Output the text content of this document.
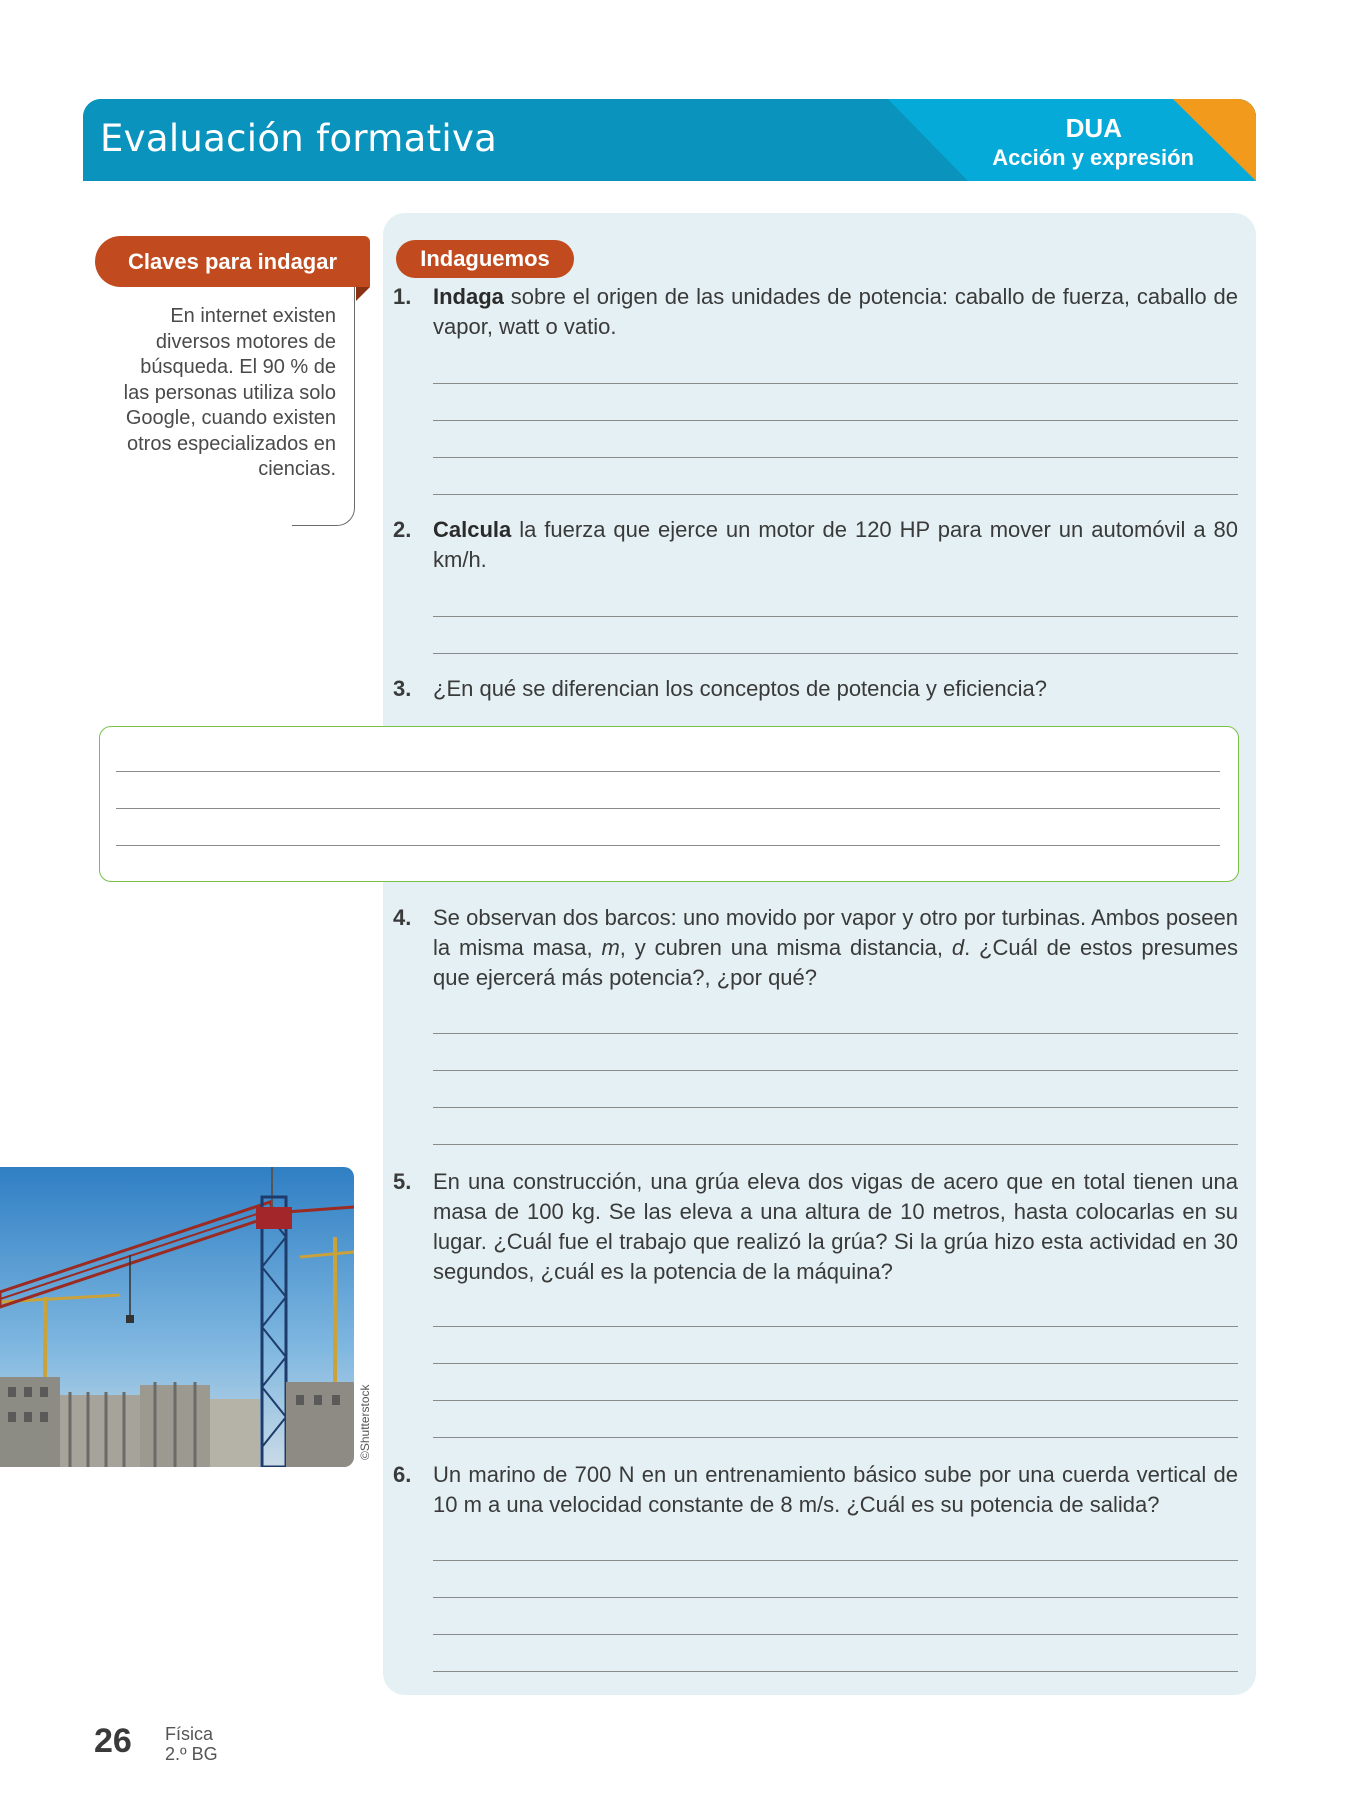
Evaluación formativa	DUA
Acción y expresión
Claves para indagar
En internet existen diversos motores de búsqueda. El 90 % de las personas utiliza solo Google, cuando existen otros especializados en ciencias.
Indaguemos
1. Indaga sobre el origen de las unidades de potencia: caballo de fuerza, caballo de vapor, watt o vatio.
2. Calcula la fuerza que ejerce un motor de 120 HP para mover un automóvil a 80 km/h.
3. ¿En qué se diferencian los conceptos de potencia y eficiencia?
4. Se observan dos barcos: uno movido por vapor y otro por turbinas. Ambos poseen la misma masa, m, y cubren una misma distancia, d. ¿Cuál de estos presumes que ejercerá más potencia?, ¿por qué?
5. En una construcción, una grúa eleva dos vigas de acero que en total tienen una masa de 100 kg. Se las eleva a una altura de 10 metros, hasta colocarlas en su lugar. ¿Cuál fue el trabajo que realizó la grúa? Si la grúa hizo esta actividad en 30 segundos, ¿cuál es la potencia de la máquina?
6. Un marino de 700 N en un entrenamiento básico sube por una cuerda vertical de 10 m a una velocidad constante de 8 m/s. ¿Cuál es su potencia de salida?
©Shutterstock
26 Física
2.º BG
